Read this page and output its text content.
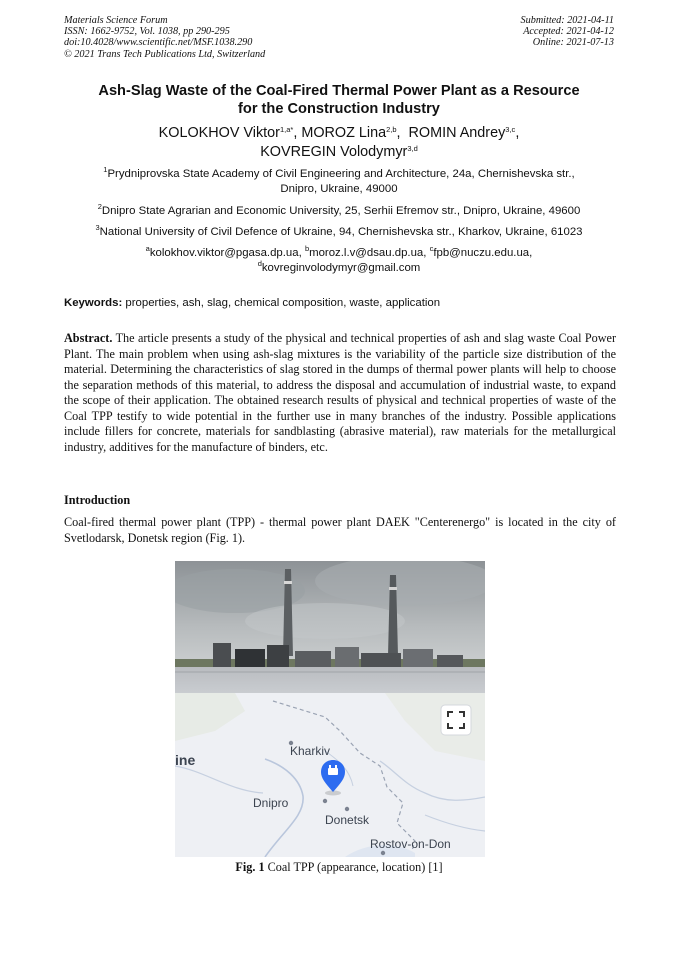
Materials Science Forum
ISSN: 1662-9752, Vol. 1038, pp 290-295
doi:10.4028/www.scientific.net/MSF.1038.290
© 2021 Trans Tech Publications Ltd, Switzerland
Submitted: 2021-04-11
Accepted: 2021-04-12
Online: 2021-07-13
Ash-Slag Waste of the Coal-Fired Thermal Power Plant as a Resource
for the Construction Industry
KOLOKHOV Viktor$^{1,a*}$, MOROZ Lina$^{2,b}$,  ROMIN Andrey$^{3,c}$,
KOVREGIN Volodymyr$^{3,d}$
$^1$Prydniprovska State Academy of Civil Engineering and Architecture, 24a, Chernishevska str.,
Dnipro, Ukraine, 49000
$^2$Dnipro State Agrarian and Economic University, 25, Serhii Efremov str., Dnipro, Ukraine, 49600
$^3$National University of Civil Defence of Ukraine, 94, Chernishevska str., Kharkov, Ukraine, 61023
$^a$kolokhov.viktor@pgasa.dp.ua, $^b$moroz.l.v@dsau.dp.ua, $^c$fpb@nuczu.edu.ua,
$^d$kovreginvolodymyr@gmail.com
Keywords: properties, ash, slag, chemical composition, waste, application
Abstract. The article presents a study of the physical and technical properties of ash and slag waste Coal Power Plant. The main problem when using ash-slag mixtures is the variability of the particle size distribution of the material. Determining the characteristics of slag stored in the dumps of thermal power plants will help to choose the separation methods of this material, to address the disposal and accumulation of industrial waste, to expand the scope of their application. The obtained research results of physical and technical properties of waste of the Coal TPP testify to wide potential in the further use in many branches of the industry. Possible applications include fillers for concrete, materials for sandblasting (abrasive material), raw materials for the metallurgical industry, additives for the manufacture of binders, etc.
Introduction
Coal-fired thermal power plant (TPP) - thermal power plant DAEK "Centerenergo" is located in the city of Svetlodarsk, Donetsk region (Fig. 1).
ine
Kharkiv
Dnipro
Donetsk
Rostov-on-Don
Fig. 1 Coal TPP (appearance, location) [1]
